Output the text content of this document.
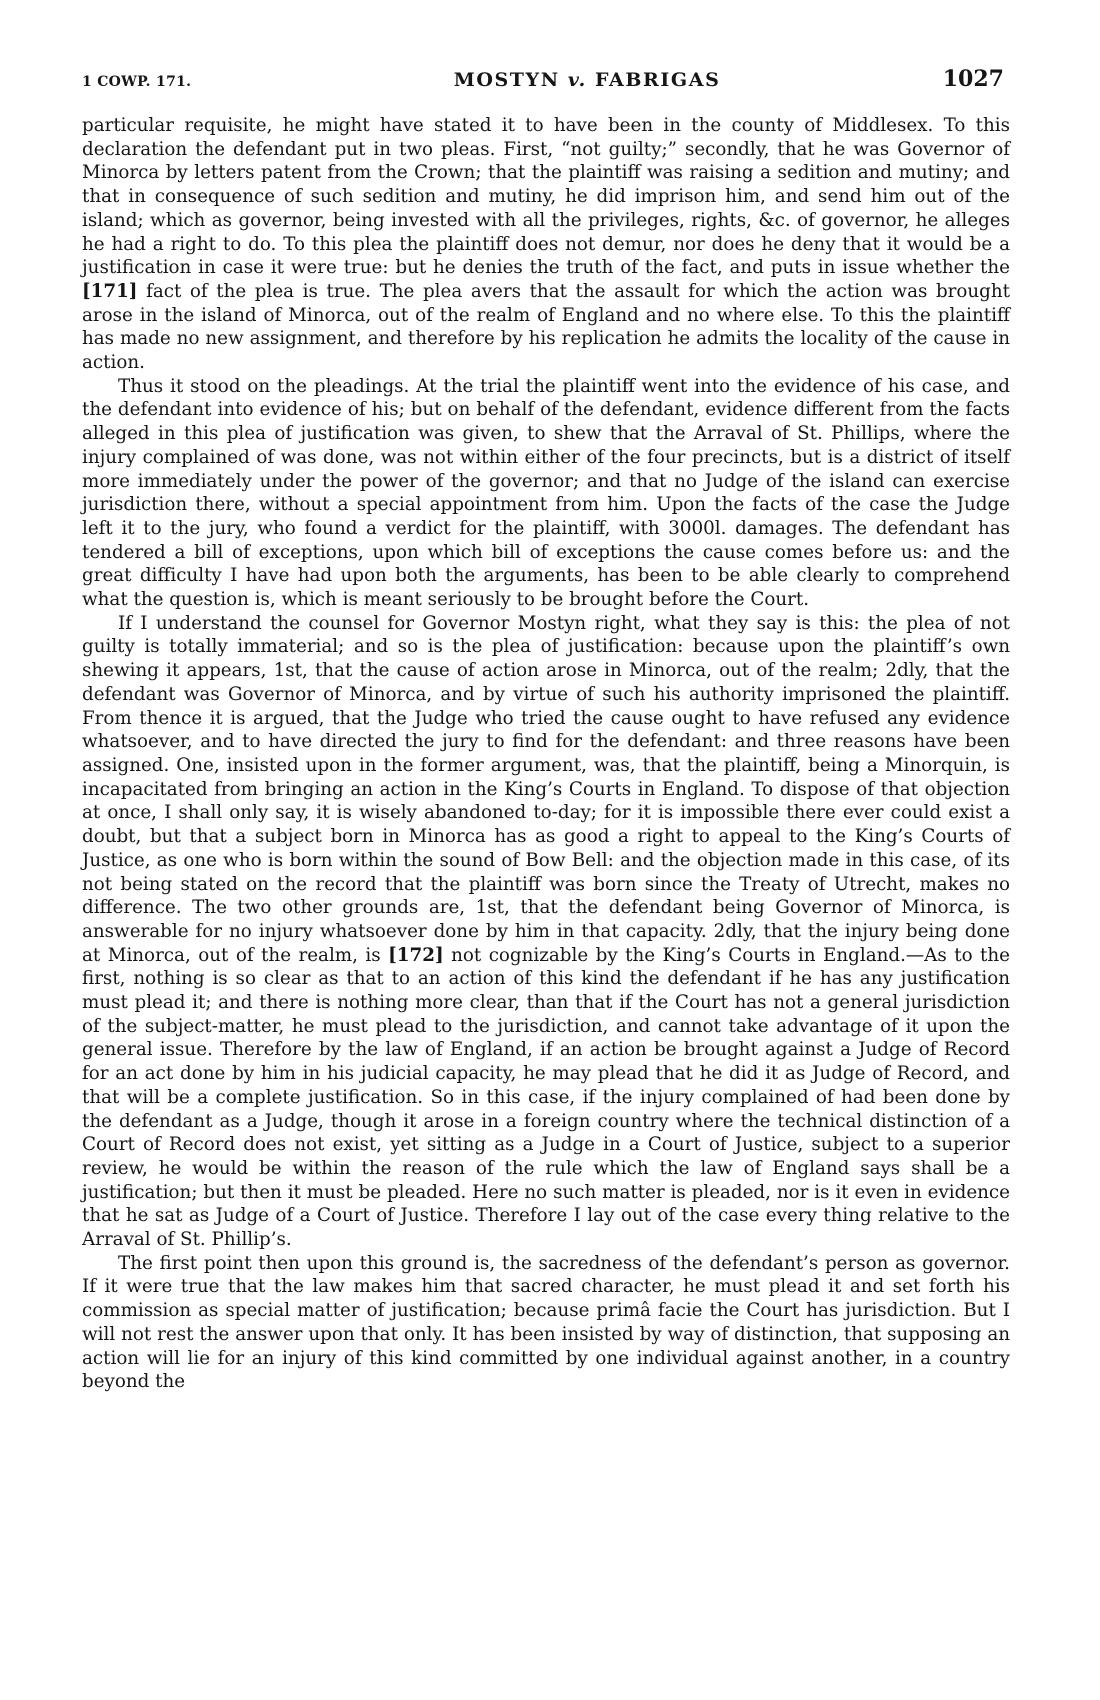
1 COWP. 171.	MOSTYN v. FABRIGAS	1027

particular requisite, he might have stated it to have been in the county of Middlesex. To this declaration the defendant put in two pleas. First, “not guilty;” secondly, that he was Governor of Minorca by letters patent from the Crown; that the plaintiff was raising a sedition and mutiny; and that in consequence of such sedition and mutiny, he did imprison him, and send him out of the island; which as governor, being invested with all the privileges, rights, &c. of governor, he alleges he had a right to do. To this plea the plaintiff does not demur, nor does he deny that it would be a justification in case it were true: but he denies the truth of the fact, and puts in issue whether the [171] fact of the plea is true. The plea avers that the assault for which the action was brought arose in the island of Minorca, out of the realm of England and no where else. To this the plaintiff has made no new assignment, and therefore by his replication he admits the locality of the cause in action.

Thus it stood on the pleadings. At the trial the plaintiff went into the evidence of his case, and the defendant into evidence of his; but on behalf of the defendant, evidence different from the facts alleged in this plea of justification was given, to shew that the Arraval of St. Phillips, where the injury complained of was done, was not within either of the four precincts, but is a district of itself more immediately under the power of the governor; and that no Judge of the island can exercise jurisdiction there, without a special appointment from him. Upon the facts of the case the Judge left it to the jury, who found a verdict for the plaintiff, with 3000l. damages. The defendant has tendered a bill of exceptions, upon which bill of exceptions the cause comes before us: and the great difficulty I have had upon both the arguments, has been to be able clearly to comprehend what the question is, which is meant seriously to be brought before the Court.

If I understand the counsel for Governor Mostyn right, what they say is this: the plea of not guilty is totally immaterial; and so is the plea of justification: because upon the plaintiff’s own shewing it appears, 1st, that the cause of action arose in Minorca, out of the realm; 2dly, that the defendant was Governor of Minorca, and by virtue of such his authority imprisoned the plaintiff. From thence it is argued, that the Judge who tried the cause ought to have refused any evidence whatsoever, and to have directed the jury to find for the defendant: and three reasons have been assigned. One, insisted upon in the former argument, was, that the plaintiff, being a Minorquin, is incapacitated from bringing an action in the King’s Courts in England. To dispose of that objection at once, I shall only say, it is wisely abandoned to-day; for it is impossible there ever could exist a doubt, but that a subject born in Minorca has as good a right to appeal to the King’s Courts of Justice, as one who is born within the sound of Bow Bell: and the objection made in this case, of its not being stated on the record that the plaintiff was born since the Treaty of Utrecht, makes no difference. The two other grounds are, 1st, that the defendant being Governor of Minorca, is answerable for no injury whatsoever done by him in that capacity. 2dly, that the injury being done at Minorca, out of the realm, is [172] not cognizable by the King’s Courts in England.—As to the first, nothing is so clear as that to an action of this kind the defendant if he has any justification must plead it; and there is nothing more clear, than that if the Court has not a general jurisdiction of the subject-matter, he must plead to the jurisdiction, and cannot take advantage of it upon the general issue. Therefore by the law of England, if an action be brought against a Judge of Record for an act done by him in his judicial capacity, he may plead that he did it as Judge of Record, and that will be a complete justification. So in this case, if the injury complained of had been done by the defendant as a Judge, though it arose in a foreign country where the technical distinction of a Court of Record does not exist, yet sitting as a Judge in a Court of Justice, subject to a superior review, he would be within the reason of the rule which the law of England says shall be a justification; but then it must be pleaded. Here no such matter is pleaded, nor is it even in evidence that he sat as Judge of a Court of Justice. Therefore I lay out of the case every thing relative to the Arraval of St. Phillip’s.

The first point then upon this ground is, the sacredness of the defendant’s person as governor. If it were true that the law makes him that sacred character, he must plead it and set forth his commission as special matter of justification; because primâ facie the Court has jurisdiction. But I will not rest the answer upon that only. It has been insisted by way of distinction, that supposing an action will lie for an injury of this kind committed by one individual against another, in a country beyond the
